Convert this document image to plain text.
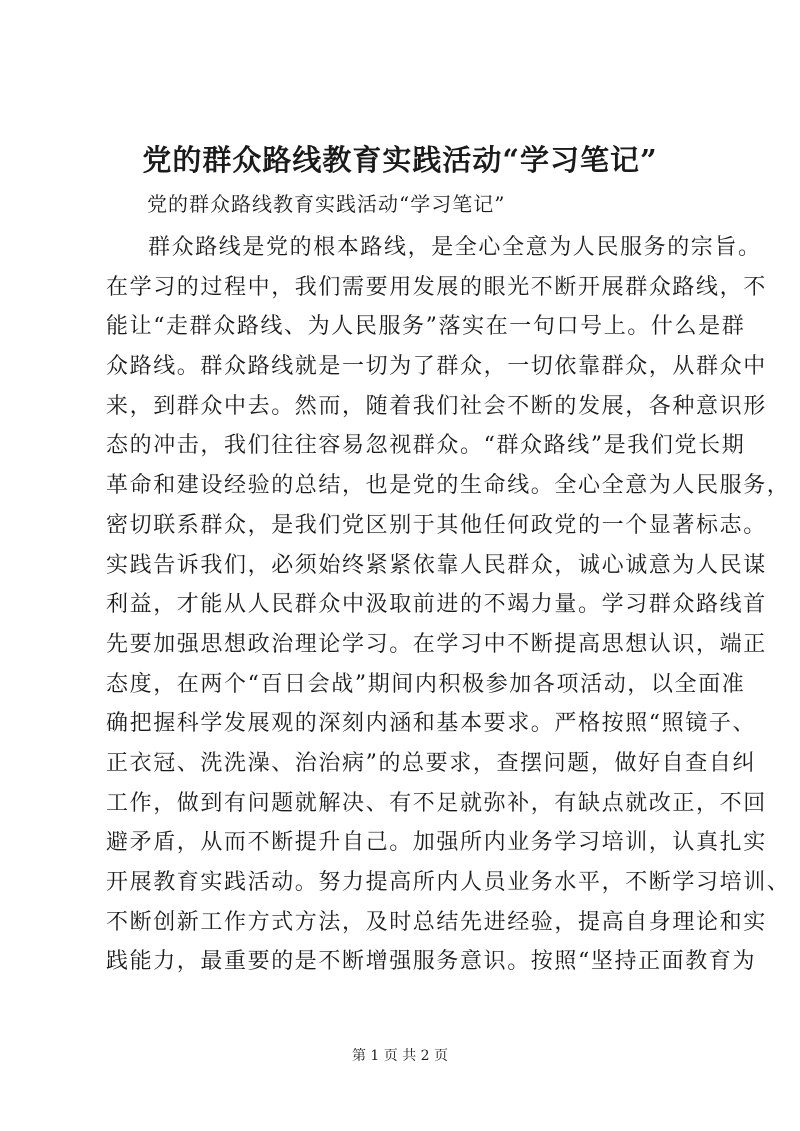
党的群众路线教育实践活动“学习笔记”
党的群众路线教育实践活动“学习笔记”
群众路线是党的根本路线，是全心全意为人民服务的宗旨。
在学习的过程中，我们需要用发展的眼光不断开展群众路线，不
能让“走群众路线、为人民服务”落实在一句口号上。什么是群
众路线。群众路线就是一切为了群众，一切依靠群众，从群众中
来，到群众中去。然而，随着我们社会不断的发展，各种意识形
态的冲击，我们往往容易忽视群众。“群众路线”是我们党长期
革命和建设经验的总结，也是党的生命线。全心全意为人民服务，
密切联系群众，是我们党区别于其他任何政党的一个显著标志。
实践告诉我们，必须始终紧紧依靠人民群众，诚心诚意为人民谋
利益，才能从人民群众中汲取前进的不竭力量。学习群众路线首
先要加强思想政治理论学习。在学习中不断提高思想认识，端正
态度，在两个“百日会战”期间内积极参加各项活动，以全面准
确把握科学发展观的深刻内涵和基本要求。严格按照“照镜子、
正衣冠、洗洗澡、治治病”的总要求，查摆问题，做好自查自纠
工作，做到有问题就解决、有不足就弥补，有缺点就改正，不回
避矛盾，从而不断提升自己。加强所内业务学习培训，认真扎实
开展教育实践活动。努力提高所内人员业务水平，不断学习培训、
不断创新工作方式方法，及时总结先进经验，提高自身理论和实
践能力，最重要的是不断增强服务意识。按照“坚持正面教育为
第 1 页 共 2 页
